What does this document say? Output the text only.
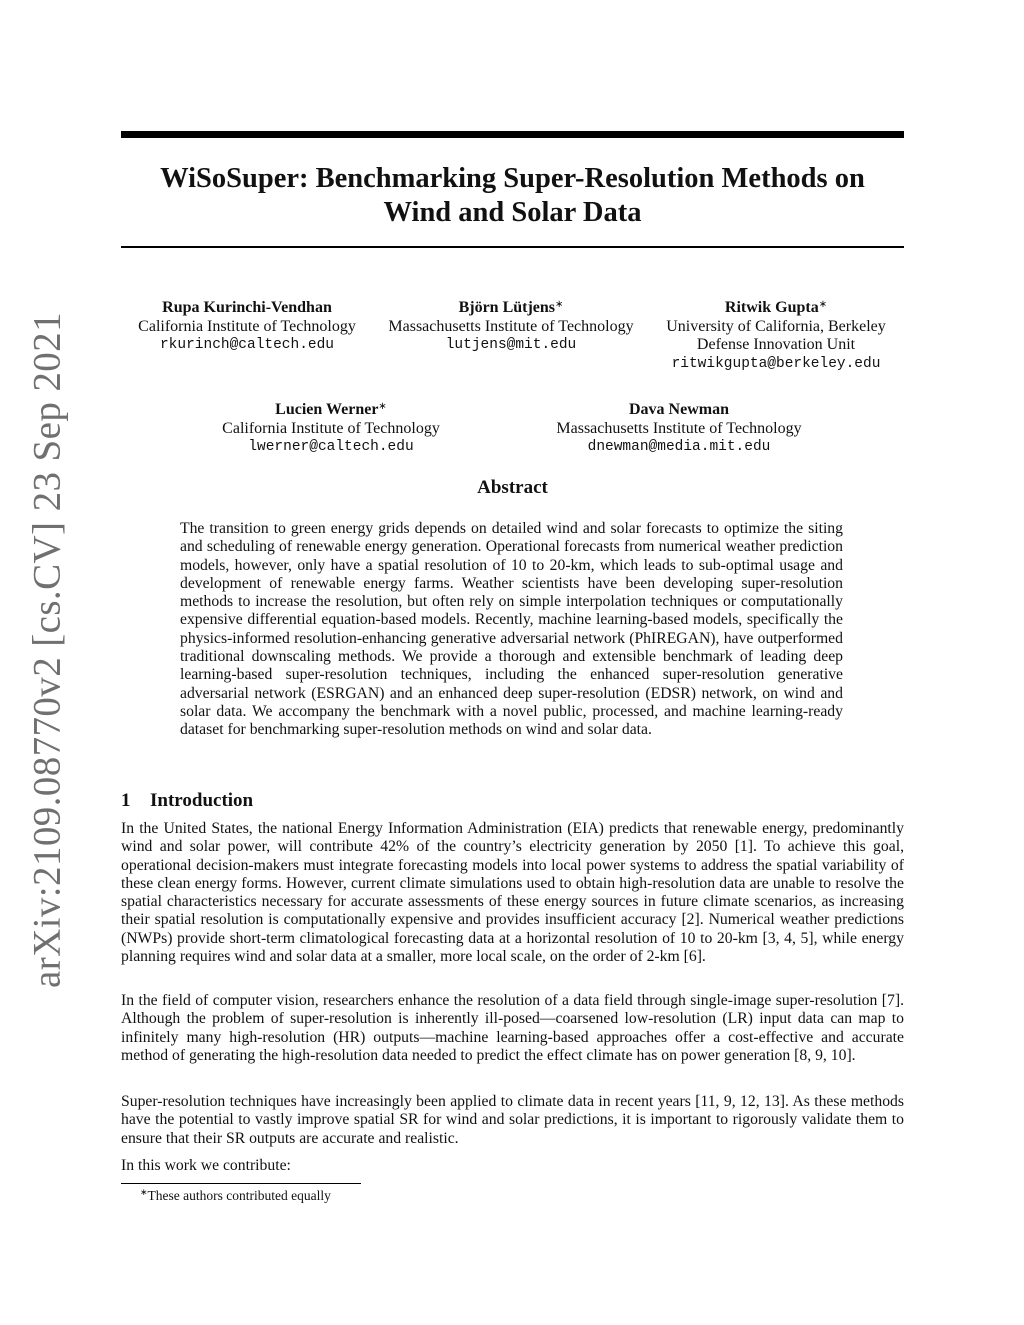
arXiv:2109.08770v2 [cs.CV] 23 Sep 2021
WiSoSuper: Benchmarking Super-Resolution Methods on
Wind and Solar Data
Rupa Kurinchi-Vendhan
California Institute of Technology
rkurinch@caltech.edu
Björn Lütjens∗
Massachusetts Institute of Technology
lutjens@mit.edu
Ritwik Gupta∗
University of California, Berkeley
Defense Innovation Unit
ritwikgupta@berkeley.edu
Lucien Werner∗
California Institute of Technology
lwerner@caltech.edu
Dava Newman
Massachusetts Institute of Technology
dnewman@media.mit.edu
Abstract

The transition to green energy grids depends on detailed wind and solar forecasts to optimize the siting and scheduling of renewable energy generation. Operational forecasts from numerical weather prediction models, however, only have a spatial resolution of 10 to 20-km, which leads to sub-optimal usage and development of renewable energy farms. Weather scientists have been developing super-resolution methods to increase the resolution, but often rely on simple interpolation techniques or computationally expensive differential equation-based models. Recently, machine learning-based models, specifically the physics-informed resolution-enhancing generative adversarial network (PhIREGAN), have outperformed traditional downscaling methods. We provide a thorough and extensible benchmark of leading deep learning-based super-resolution techniques, including the enhanced super-resolution generative adversarial network (ESRGAN) and an enhanced deep super-resolution (EDSR) network, on wind and solar data. We accompany the benchmark with a novel public, processed, and machine learning-ready dataset for benchmarking super-resolution methods on wind and solar data.

1 Introduction

In the United States, the national Energy Information Administration (EIA) predicts that renewable energy, predominantly wind and solar power, will contribute 42% of the country’s electricity generation by 2050 [1]. To achieve this goal, operational decision-makers must integrate forecasting models into local power systems to address the spatial variability of these clean energy forms. However, current climate simulations used to obtain high-resolution data are unable to resolve the spatial characteristics necessary for accurate assessments of these energy sources in future climate scenarios, as increasing their spatial resolution is computationally expensive and provides insufficient accuracy [2]. Numerical weather predictions (NWPs) provide short-term climatological forecasting data at a horizontal resolution of 10 to 20-km [3, 4, 5], while energy planning requires wind and solar data at a smaller, more local scale, on the order of 2-km [6].

In the field of computer vision, researchers enhance the resolution of a data field through single-image super-resolution [7]. Although the problem of super-resolution is inherently ill-posed—coarsened low-resolution (LR) input data can map to infinitely many high-resolution (HR) outputs—machine learning-based approaches offer a cost-effective and accurate method of generating the high-resolution data needed to predict the effect climate has on power generation [8, 9, 10].

Super-resolution techniques have increasingly been applied to climate data in recent years [11, 9, 12, 13]. As these methods have the potential to vastly improve spatial SR for wind and solar predictions, it is important to rigorously validate them to ensure that their SR outputs are accurate and realistic.

In this work we contribute:

∗These authors contributed equally
